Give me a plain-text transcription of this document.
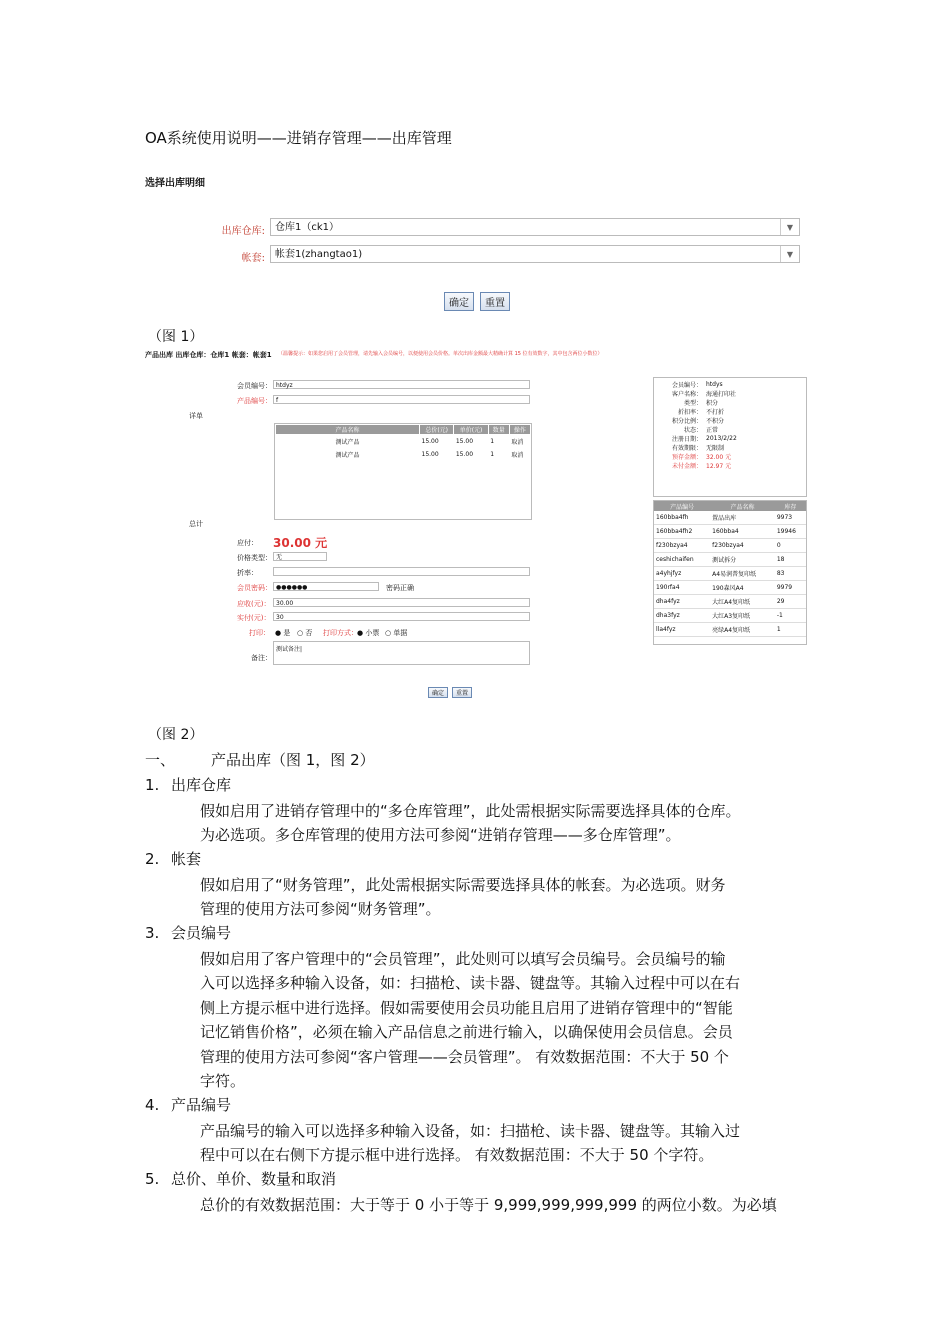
OA系统使用说明——进销存管理——出库管理
选择出库明细
出库仓库:	仓库1（ck1）	▼
帐套:	帐套1(zhangtao1)	▼
确定	重置
（图 1）
产品出库 出库仓库：仓库1 帐套：帐套1 （温馨提示：如果您启用了会员管理，请先输入会员编号，以便使用会员价格。单次出库金额最大精确计算 15 位有效数字，其中包含两位小数位）
详单
总计
会员编号： htdyz
产品编号： f
产品名称	总价(元)	单价(元)	数量	操作
测试产品	15.00	15.00	1	取消
测试产品	15.00	15.00	1	取消
应付： 30.00 元
价格类型： 无
折率：
会员密码： ●●●●●●	密码正确
应收(元)： 30.00
实付(元)： 30
打印： ● 是 ○ 否 打印方式： ● 小票 ○ 单据
备注：
测试备注|
确定	重置
会员编号：	htdys
客户名称：	海通打印社
类型：	积分
折扣率：	不打折
积分比例：	不积分
状态：	正常
注册日期：	2013/2/22
有效期限：	无限制
预存金额：	32.00 元
未付金额：	12.97 元
产品编号	产品名称	库存
160bba4fh	置品出库	9973
160bba4fh2	160bba4	19946
f230bzya4	f230bzya4	0
ceshichaifen	测试拆分	18
a4yhjfyz	A4易润普复印纸	83
190rfa4	190森风A4	9979
dha4fyz	大红A4复印纸	29
dha3fyz	大红A3复印纸	-1
lla4fyz	亮绿A4复印纸	1
（图 2）
一、 产品出库（图 1，图 2）
1. 出库仓库
假如启用了进销存管理中的“多仓库管理”，此处需根据实际需要选择具体的仓库。
为必选项。多仓库管理的使用方法可参阅“进销存管理——多仓库管理”。
2. 帐套
假如启用了“财务管理”，此处需根据实际需要选择具体的帐套。为必选项。财务
管理的使用方法可参阅“财务管理”。
3. 会员编号
假如启用了客户管理中的“会员管理”，此处则可以填写会员编号。会员编号的输
入可以选择多种输入设备，如：扫描枪、读卡器、键盘等。其输入过程中可以在右
侧上方提示框中进行选择。假如需要使用会员功能且启用了进销存管理中的“智能
记忆销售价格”，必须在输入产品信息之前进行输入，以确保使用会员信息。会员
管理的使用方法可参阅“客户管理——会员管理”。 有效数据范围：不大于 50 个
字符。
4. 产品编号
产品编号的输入可以选择多种输入设备，如：扫描枪、读卡器、键盘等。其输入过
程中可以在右侧下方提示框中进行选择。 有效数据范围：不大于 50 个字符。
5. 总价、单价、数量和取消
总价的有效数据范围：大于等于 0 小于等于 9,999,999,999,999 的两位小数。为必填
